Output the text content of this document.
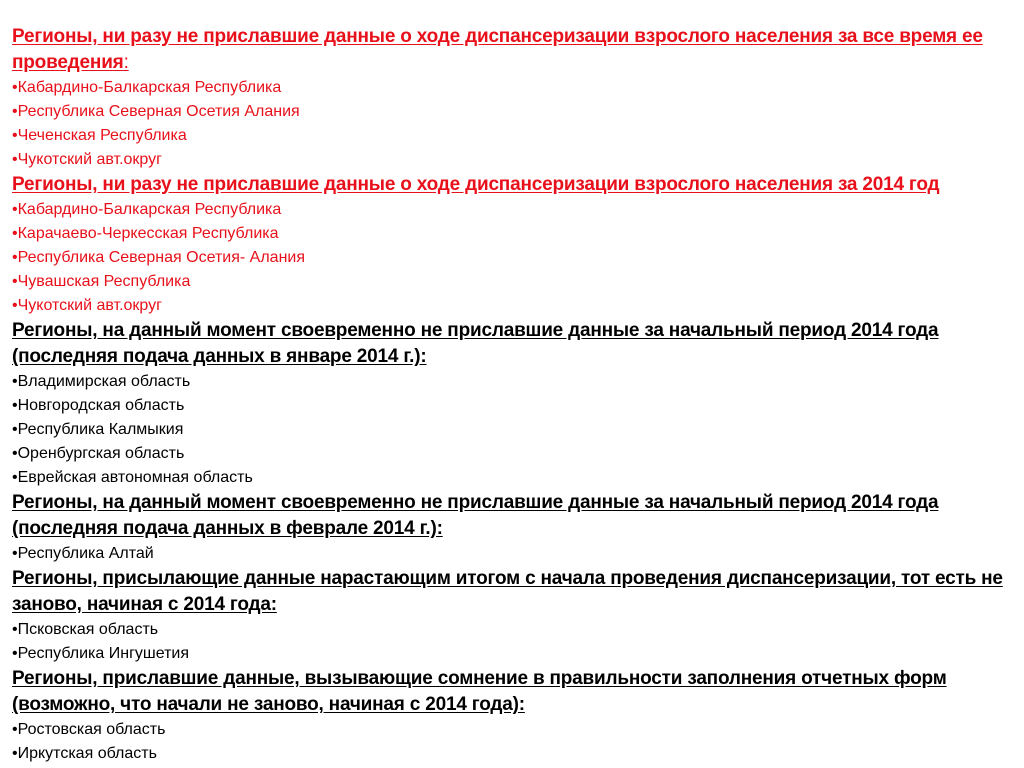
Регионы, ни разу не приславшие данные о ходе диспансеризации взрослого населения за все время ее проведения:

•Кабардино-Балкарская Республика
•Республика Северная Осетия Алания
•Чеченская Республика
•Чукотский авт.округ

Регионы, ни разу не приславшие данные о ходе диспансеризации взрослого населения за 2014 год

•Кабардино-Балкарская Республика
•Карачаево-Черкесская Республика
•Республика Северная Осетия- Алания
•Чувашская Республика
•Чукотский авт.округ

Регионы, на данный момент своевременно не приславшие данные за начальный период 2014 года (последняя подача данных в январе 2014 г.):

•Владимирская область
•Новгородская область
•Республика Калмыкия
•Оренбургская область
•Еврейская автономная область

Регионы, на данный момент своевременно не приславшие данные за начальный период 2014 года (последняя подача данных в феврале 2014 г.):

•Республика Алтай

Регионы, присылающие данные нарастающим итогом с начала проведения диспансеризации, тот есть не заново, начиная с 2014 года:

•Псковская область
•Республика Ингушетия

Регионы, приславшие данные, вызывающие сомнение в правильности заполнения отчетных форм (возможно, что начали не заново, начиная с 2014 года):

•Ростовская область
•Иркутская область
